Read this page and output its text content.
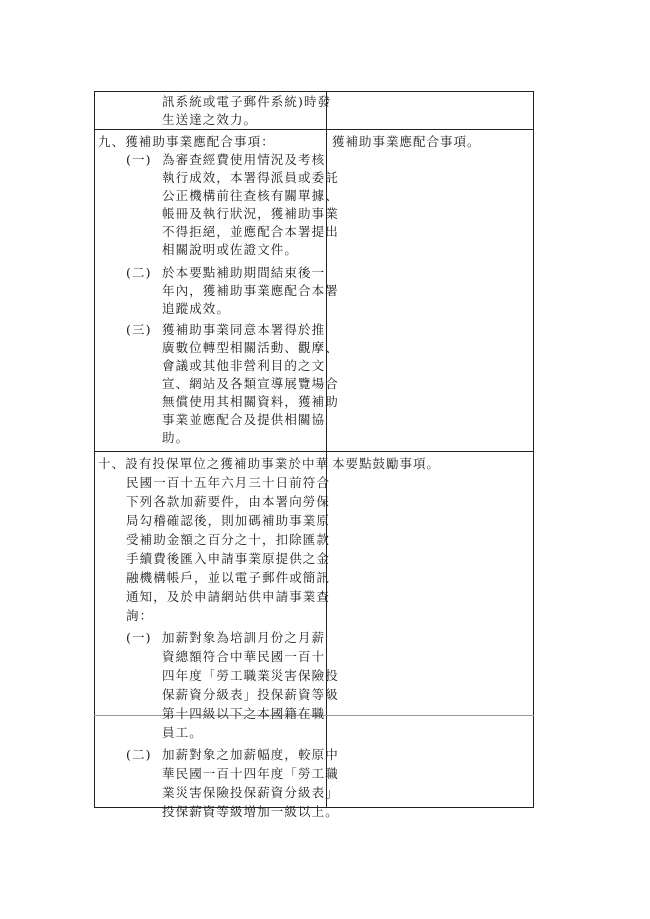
訊系統或電子郵件系統)時發
生送達之效力。
九、獲補助事業應配合事項：
(一) 為審查經費使用情況及考核
執行成效，本署得派員或委託
公正機構前往查核有關單據、
帳冊及執行狀況，獲補助事業
不得拒絕，並應配合本署提出
相關說明或佐證文件。
(二) 於本要點補助期間結束後一
年內，獲補助事業應配合本署
追蹤成效。
(三) 獲補助事業同意本署得於推
廣數位轉型相關活動、觀摩、
會議或其他非營利目的之文
宣、網站及各類宣導展覽場合
無償使用其相關資料，獲補助
事業並應配合及提供相關協
助。
獲補助事業應配合事項。
十、設有投保單位之獲補助事業於中華
民國一百十五年六月三十日前符合
下列各款加薪要件，由本署向勞保
局勾稽確認後，則加碼補助事業原
受補助金額之百分之十，扣除匯款
手續費後匯入申請事業原提供之金
融機構帳戶，並以電子郵件或簡訊
通知，及於申請網站供申請事業查
詢：
(一) 加薪對象為培訓月份之月薪
資總額符合中華民國一百十
四年度「勞工職業災害保險投
保薪資分級表」投保薪資等級
第十四級以下之本國籍在職
員工。
(二) 加薪對象之加薪幅度，較原中
華民國一百十四年度「勞工職
業災害保險投保薪資分級表」
投保薪資等級增加一級以上。
本要點鼓勵事項。
